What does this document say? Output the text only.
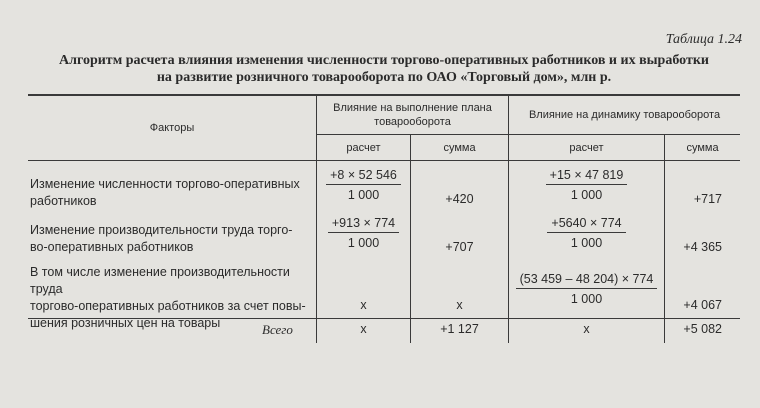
Таблица 1.24
Алгоритм расчета влияния изменения численности торгово-оперативных работников и их выработки
на развитие розничного товарооборота по ОАО «Торговый дом», млн р.
Факторы
Влияние на выполнение плана
товарооборота
Влияние на динамику товарооборота
расчет	сумма	расчет	сумма
Изменение численности торгово-оперативных
работников	$\frac{+8 \times 52 546}{1 000}$	+420	$\frac{+15 \times 47 819}{1 000}$	+717
Изменение производительности труда торго-
во-оперативных работников	$\frac{+913 \times 774}{1 000}$	+707	$\frac{+5640 \times 774}{1 000}$	+4 365
В том числе изменение производительности труда
торгово-оперативных работников за счет повы-
шения розничных цен на товары
x	x	$\frac{(53 459 - 48 204) \times 774}{1 000}$	+4 067
Всего	x	+1 127	x	+5 082
